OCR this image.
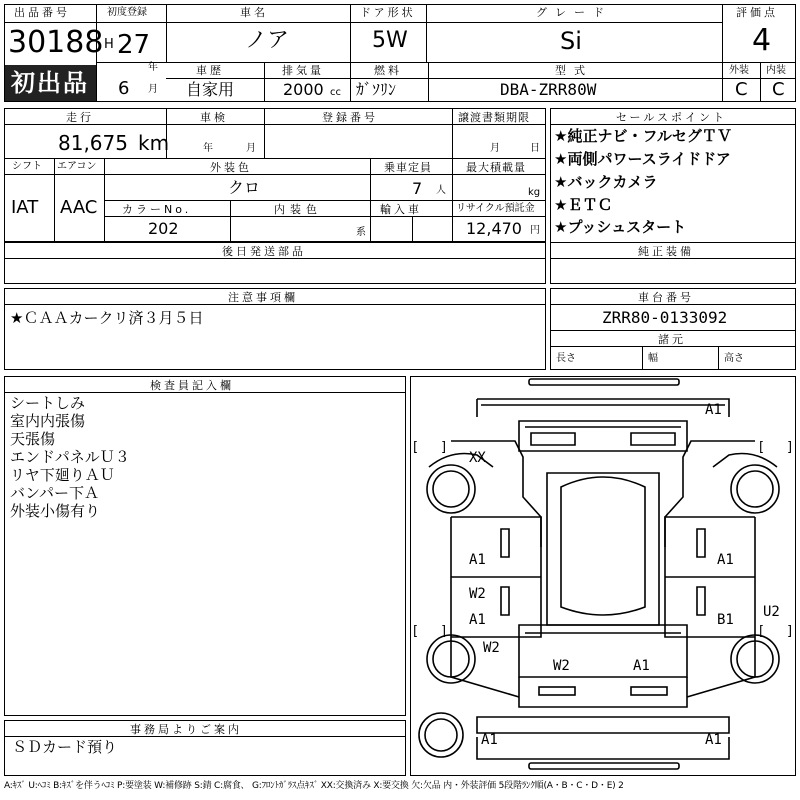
出品番号
30188
初出品
初度登録
H 27
年
6 月
車名
ノア
ドア形状
5W
グレード
Si
評価点
4
外装 内装
C C
車歴
自家用
排気量
2000 cc
燃料
ｶﾞｿﾘﾝ
型式
DBA-ZRR80W
走行
81,675 km
車検
年	月
登録番号	譲渡書類期限
月	日
シフト
IAT
エアコン
AAC
外装色
クロ
乗車定員
7 人
最大積載量
kg
カラーNo.
202
内装色
系
輸入車	リサイクル預託金
12,470 円
後日発送部品
セールスポイント
★純正ナビ・フルセグＴＶ
★両側パワースライドドア
★バックカメラ
★ＥＴＣ
★プッシュスタート
純正装備
注意事項欄
★ＣＡＡカークリ済３月５日
車台番号
ZRR80-0133092
諸元
長さ	幅	高さ
検査員記入欄
シートしみ
室内内張傷
天張傷
エンドパネルＵ３
リヤ下廻りＡＵ
バンパー下Ａ
外装小傷有り
事務局よりご案内
ＳＤカード預り
[ ]	[ ]
[ ]	[ ]
A1
XX
A1	A1
W2
A1	B1 U2
W2
W2	A1
A1	A1
A:ｷｽﾞ U:ﾍｺﾐ B:ｷｽﾞを伴うﾍｺﾐ P:要塗装 W:補修跡 S:錆 C:腐食、 G:ﾌﾛﾝﾄｶﾞﾗｽ点ｷｽﾞ XX:交換済み X:要交換 欠:欠品 内・外装評価 5段階ﾗﾝｸ順(A・B・C・D・E) 2
